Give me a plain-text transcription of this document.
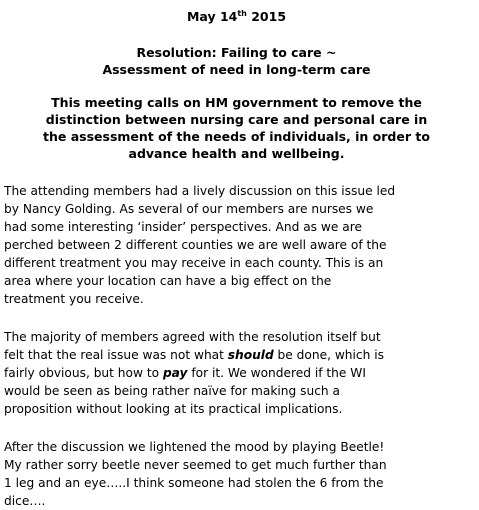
May 14th 2015
Resolution: Failing to care ~
Assessment of need in long-term care
This meeting calls on HM government to remove the
distinction between nursing care and personal care in
the assessment of the needs of individuals, in order to
advance health and wellbeing.
The attending members had a lively discussion on this issue led
by Nancy Golding. As several of our members are nurses we
had some interesting ‘insider’ perspectives. And as we are
perched between 2 different counties we are well aware of the
different treatment you may receive in each county. This is an
area where your location can have a big effect on the
treatment you receive.
The majority of members agreed with the resolution itself but
felt that the real issue was not what should be done, which is
fairly obvious, but how to pay for it. We wondered if the WI
would be seen as being rather naïve for making such a
proposition without looking at its practical implications.
After the discussion we lightened the mood by playing Beetle!
My rather sorry beetle never seemed to get much further than
1 leg and an eye…..I think someone had stolen the 6 from the
dice….
